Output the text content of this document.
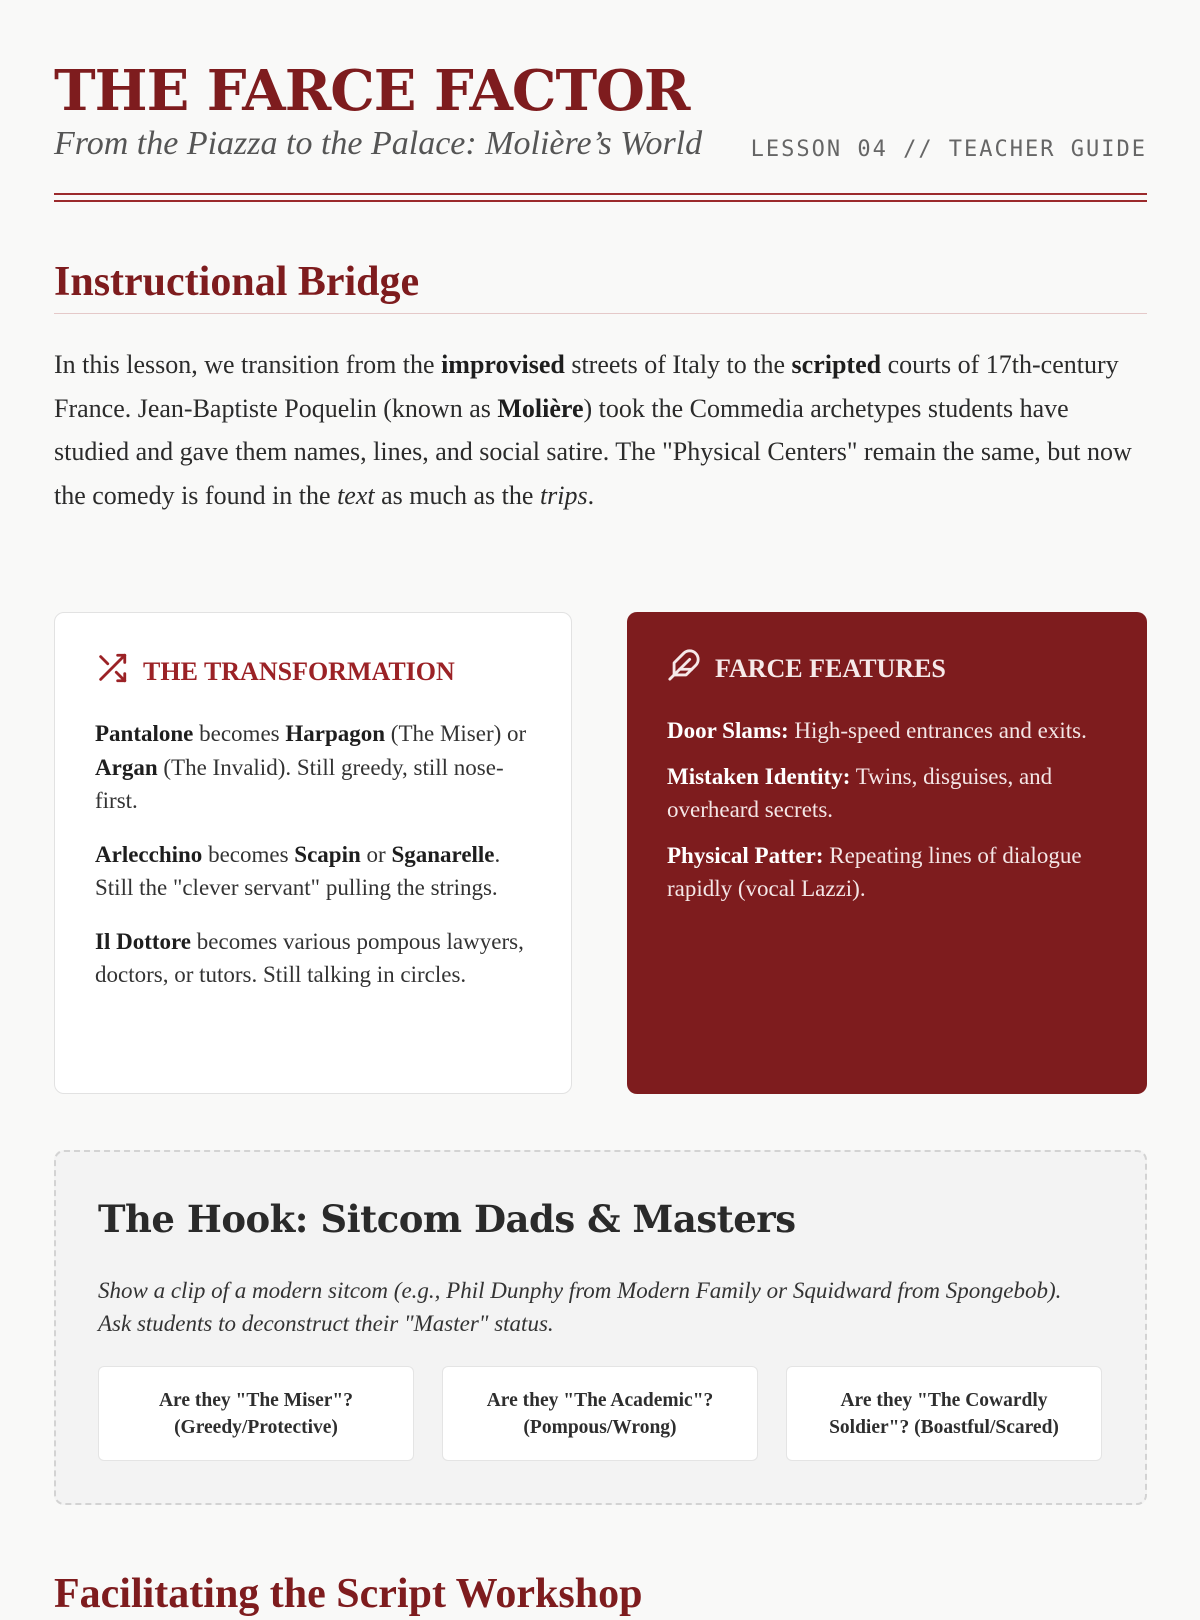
THE FARCE FACTOR
From the Piazza to the Palace: Molière’s World LESSON 04 // TEACHER GUIDE
Instructional Bridge
In this lesson, we transition from the improvised streets of Italy to the scripted courts of 17th-century France. Jean-Baptiste Poquelin (known as Molière) took the Commedia archetypes students have studied and gave them names, lines, and social satire. The "Physical Centers" remain the same, but now the comedy is found in the text as much as the trips.
THE TRANSFORMATION

Pantalone becomes Harpagon (The Miser) or Argan (The Invalid). Still greedy, still nose-first.

Arlecchino becomes Scapin or Sganarelle. Still the "clever servant" pulling the strings.

Il Dottore becomes various pompous lawyers, doctors, or tutors. Still talking in circles.

FARCE FEATURES

Door Slams: High-speed entrances and exits.

Mistaken Identity: Twins, disguises, and overheard secrets.

Physical Patter: Repeating lines of dialogue rapidly (vocal Lazzi).

The Hook: Sitcom Dads & Masters
Show a clip of a modern sitcom (e.g., Phil Dunphy from Modern Family or Squidward from Spongebob). Ask students to deconstruct their "Master" status.
Are they "The Miser"? (Greedy/Protective)
Are they "The Academic"? (Pompous/Wrong)
Are they "The Cowardly Soldier"? (Boastful/Scared)
Facilitating the Script Workshop
